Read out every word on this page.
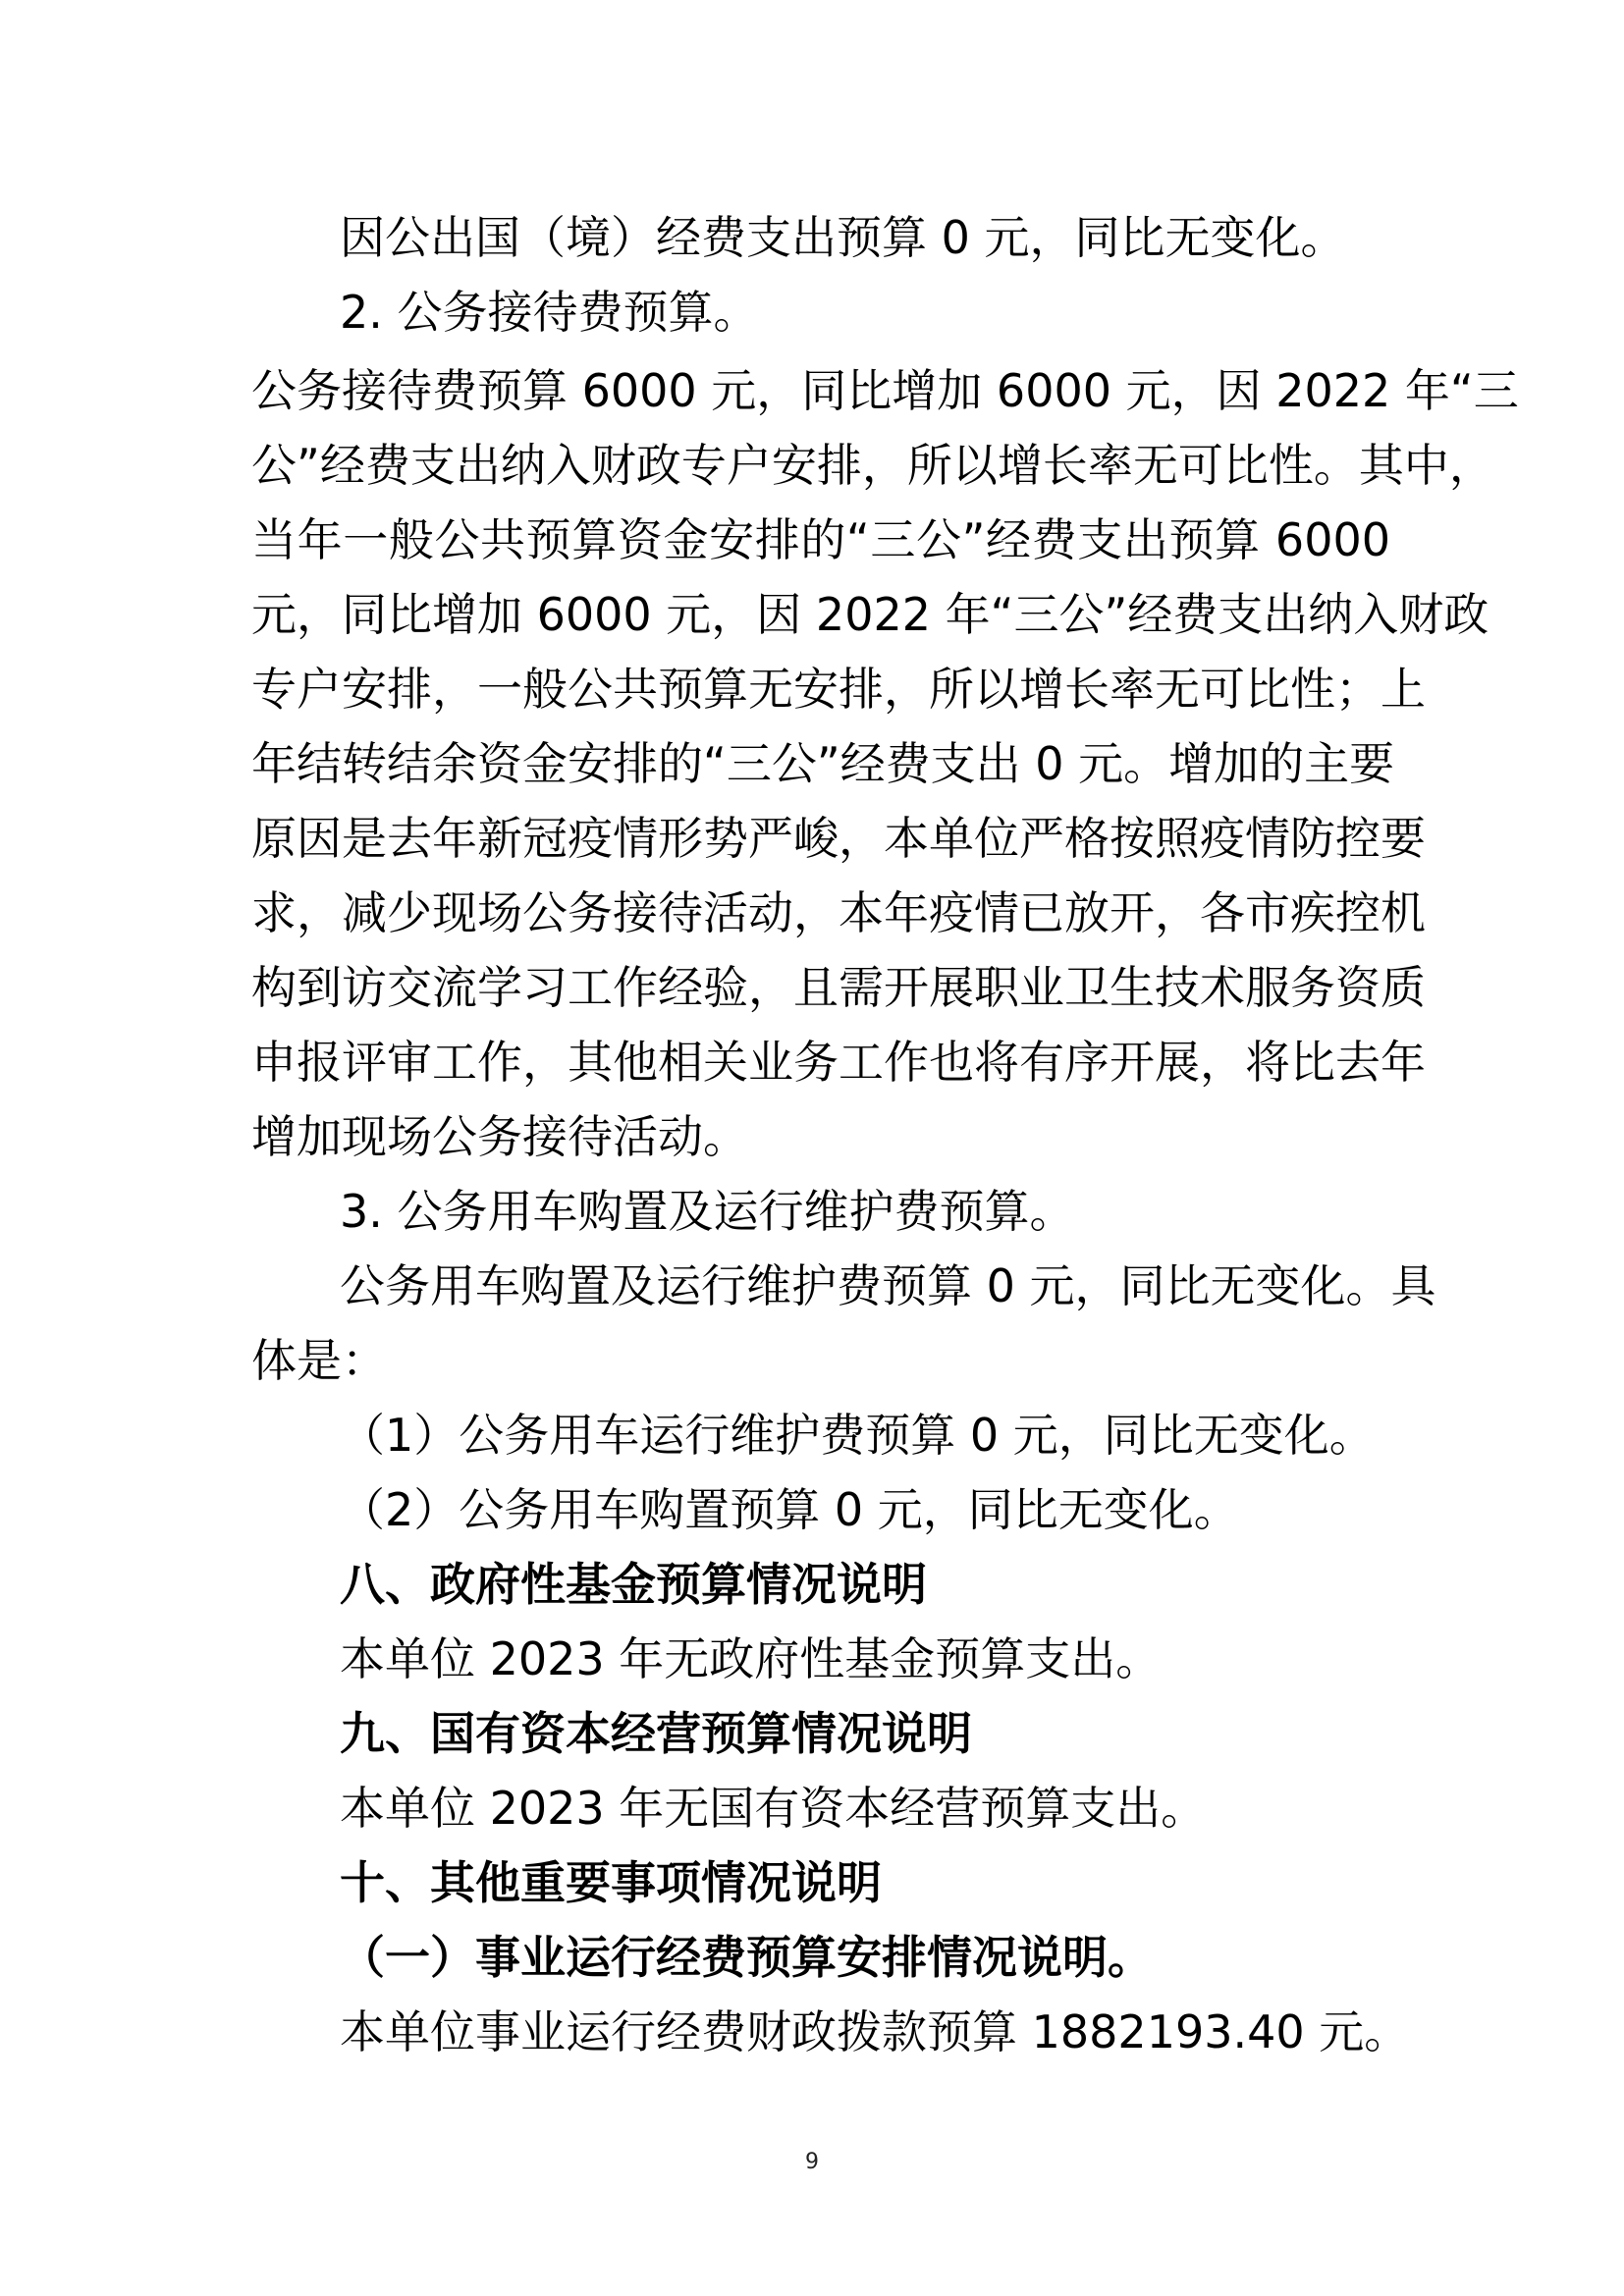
因公出国（境）经费支出预算 0 元，同比无变化。
2. 公务接待费预算。
公务接待费预算 6000 元，同比增加 6000 元，因 2022 年“三
公”经费支出纳入财政专户安排，所以增长率无可比性。其中，
当年一般公共预算资金安排的“三公”经费支出预算 6000
元，同比增加 6000 元，因 2022 年“三公”经费支出纳入财政
专户安排，一般公共预算无安排，所以增长率无可比性；上
年结转结余资金安排的“三公”经费支出 0 元。增加的主要
原因是去年新冠疫情形势严峻，本单位严格按照疫情防控要
求，减少现场公务接待活动，本年疫情已放开，各市疾控机
构到访交流学习工作经验，且需开展职业卫生技术服务资质
申报评审工作，其他相关业务工作也将有序开展，将比去年
增加现场公务接待活动。
3. 公务用车购置及运行维护费预算。
公务用车购置及运行维护费预算 0 元，同比无变化。具
体是：
（1）公务用车运行维护费预算 0 元，同比无变化。
（2）公务用车购置预算 0 元，同比无变化。
八、政府性基金预算情况说明
本单位 2023 年无政府性基金预算支出。
九、国有资本经营预算情况说明
本单位 2023 年无国有资本经营预算支出。
十、其他重要事项情况说明
（一）事业运行经费预算安排情况说明。
本单位事业运行经费财政拨款预算 1882193.40 元。
9
